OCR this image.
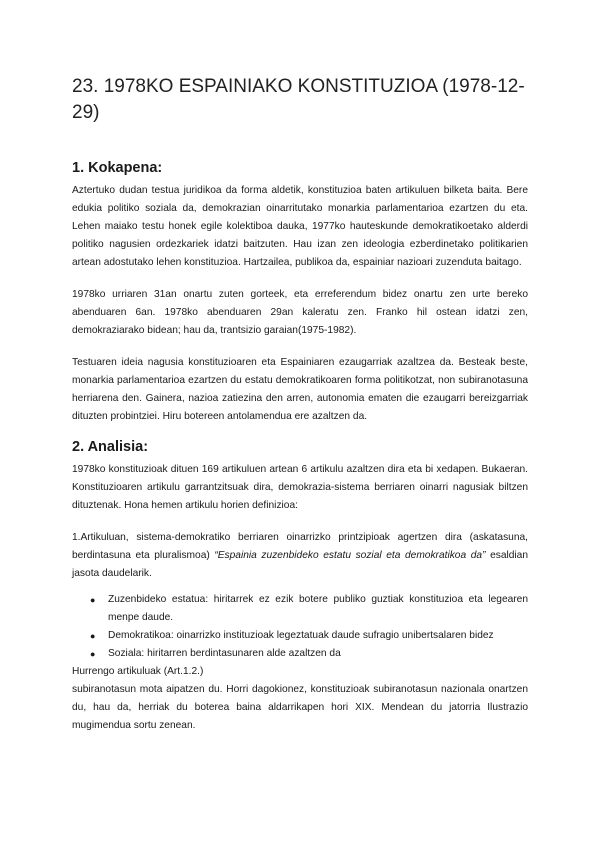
23. 1978KO ESPAINIAKO KONSTITUZIOA (1978-12-29)
1. Kokapena:

Aztertuko dudan testua juridikoa da forma aldetik, konstituzioa baten artikuluen bilketa baita. Bere edukia politiko soziala da, demokrazian oinarritutako monarkia parlamentarioa ezartzen du eta. Lehen maiako testu honek egile kolektiboa dauka, 1977ko hauteskunde demokratikoetako alderdi politiko nagusien ordezkariek idatzi baitzuten. Hau izan zen ideologia ezberdinetako politikarien artean adostutako lehen konstituzioa. Hartzailea, publikoa da, espainiar nazioari zuzenduta baitago.

1978ko urriaren 31an onartu zuten gorteek, eta erreferendum bidez onartu zen urte bereko abenduaren 6an. 1978ko abenduaren 29an kaleratu zen. Franko hil ostean idatzi zen, demokraziarako bidean; hau da, trantsizio garaian(1975-1982).

Testuaren ideia nagusia konstituzioaren eta Espainiaren ezaugarriak azaltzea da. Besteak beste, monarkia parlamentarioa ezartzen du estatu demokratikoaren forma politikotzat, non subiranotasuna herriarena den. Gainera, nazioa zatiezina den arren, autonomia ematen die ezaugarri bereizgarriak dituzten probintziei. Hiru botereen antolamendua ere azaltzen da.

2. Analisia:

1978ko konstituzioak dituen 169 artikuluen artean 6 artikulu azaltzen dira eta bi xedapen. Bukaeran. Konstituzioaren artikulu garrantzitsuak dira, demokrazia-sistema berriaren oinarri nagusiak biltzen dituztenak. Hona hemen artikulu horien definizioa:

1.Artikuluan, sistema-demokratiko berriaren oinarrizko printzipioak agertzen dira (askatasuna, berdintasuna eta pluralismoa) “Espainia zuzenbideko estatu sozial eta demokratikoa da” esaldian jasota daudelarik.

● Zuzenbideko estatua: hiritarrek ez ezik botere publiko guztiak konstituzioa eta legearen menpe daude.
● Demokratikoa: oinarrizko instituzioak legeztatuak daude sufragio unibertsalaren bidez
● Soziala: hiritarren berdintasunaren alde azaltzen da

Hurrengo artikuluak (Art.1.2.)

subiranotasun mota aipatzen du. Horri dagokionez, konstituzioak subiranotasun nazionala onartzen du, hau da, herriak du boterea baina aldarrikapen hori XIX. Mendean du jatorria Ilustrazio mugimendua sortu zenean.
